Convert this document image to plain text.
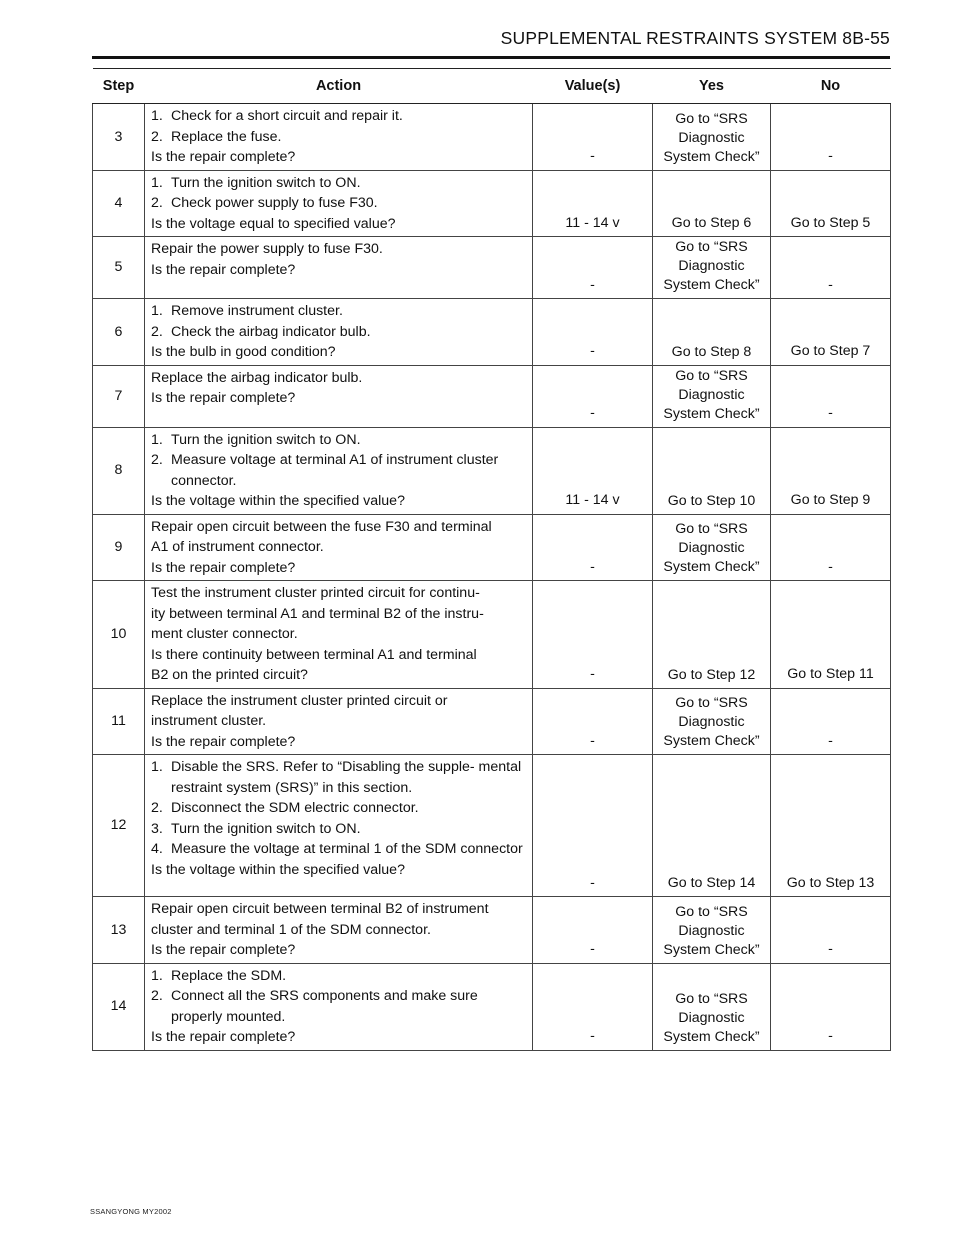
SUPPLEMENTAL RESTRAINTS SYSTEM 8B-55
Step	Action	Value(s)	Yes	No
3	1. Check for a short circuit and repair it.
2. Replace the fuse.
Is the repair complete?	-	Go to “SRS
Diagnostic
System Check”	-
4	1. Turn the ignition switch to ON.
2. Check power supply to fuse F30.
Is the voltage equal to specified value?	11 - 14 v	Go to Step 6	Go to Step 5
5	Repair the power supply to fuse F30.
Is the repair complete?	-	Go to “SRS
Diagnostic
System Check”	-
6	1. Remove instrument cluster.
2. Check the airbag indicator bulb.
Is the bulb in good condition?	-	Go to Step 8	Go to Step 7
7	Replace the airbag indicator bulb.
Is the repair complete?	-	Go to “SRS
Diagnostic
System Check”	-
8	1. Turn the ignition switch to ON.
2. Measure voltage at terminal A1 of instrument cluster connector.
Is the voltage within the specified value?	11 - 14 v	Go to Step 10	Go to Step 9
9	Repair open circuit between the fuse F30 and terminal
A1 of instrument connector.
Is the repair complete?	-	Go to “SRS
Diagnostic
System Check”	-
10	Test the instrument cluster printed circuit for continu-
ity between terminal A1 and terminal B2 of the instru-
ment cluster connector.
Is there continuity between terminal A1 and terminal
B2 on the printed circuit?	-	Go to Step 12	Go to Step 11
11	Replace the instrument cluster printed circuit or
instrument cluster.
Is the repair complete?	-	Go to “SRS
Diagnostic
System Check”	-
12	1. Disable the SRS. Refer to “Disabling the supple- mental restraint system (SRS)” in this section.
2. Disconnect the SDM electric connector.
3. Turn the ignition switch to ON.
4. Measure the voltage at terminal 1 of the SDM connector
Is the voltage within the specified value?	-	Go to Step 14	Go to Step 13
13	Repair open circuit between terminal B2 of instrument
cluster and terminal 1 of the SDM connector.
Is the repair complete?	-	Go to “SRS
Diagnostic
System Check”	-
14	1. Replace the SDM.
2. Connect all the SRS components and make sure properly mounted.
Is the repair complete?	-	Go to “SRS
Diagnostic
System Check”	-
SSANGYONG MY2002
